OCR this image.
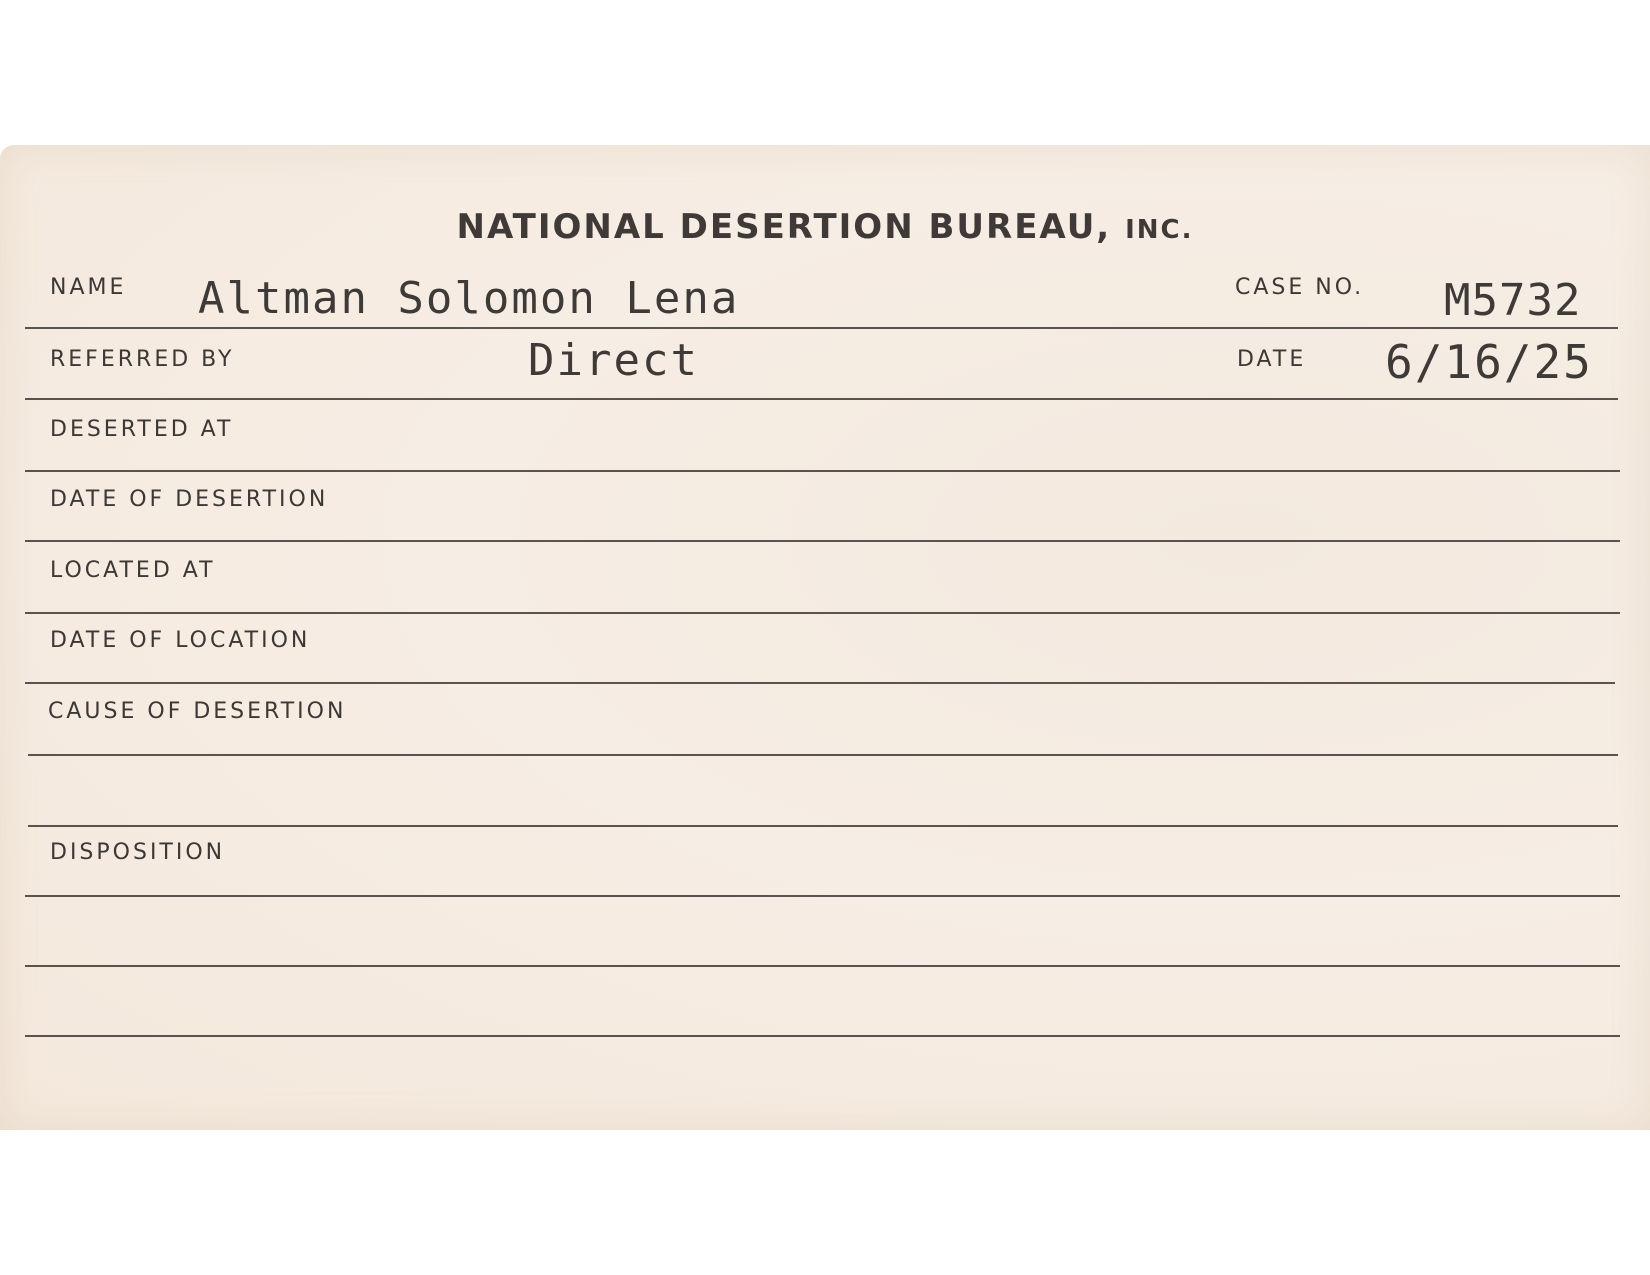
NATIONAL DESERTION BUREAU, INC.
NAME Altman Solomon Lena	CASE NO. M5732
REFERRED BY	Direct	DATE 6/16/25
DESERTED AT
DATE OF DESERTION
LOCATED AT
DATE OF LOCATION
CAUSE OF DESERTION
DISPOSITION
